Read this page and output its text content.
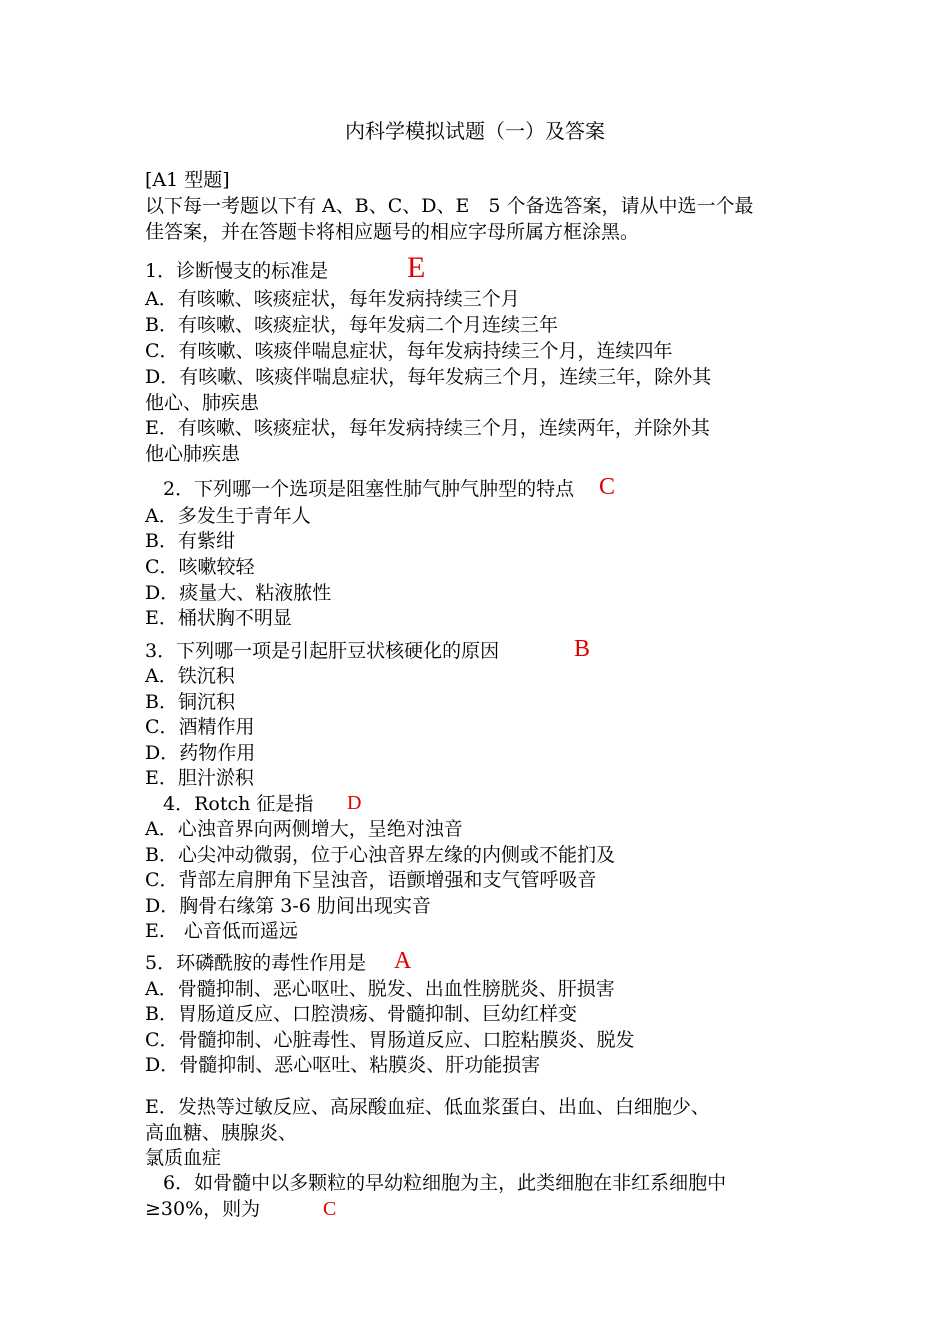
内科学模拟试题（一）及答案
[A1 型题]
以下每一考题以下有 A、B、C、D、E　5 个备选答案，请从中选一个最
佳答案，并在答题卡将相应题号的相应字母所属方框涂黑。
1．诊断慢支的标准是	E
A．有咳嗽、咳痰症状，每年发病持续三个月
B．有咳嗽、咳痰症状，每年发病二个月连续三年
C．有咳嗽、咳痰伴喘息症状，每年发病持续三个月，连续四年
D．有咳嗽、咳痰伴喘息症状，每年发病三个月，连续三年，除外其
他心、肺疾患
E．有咳嗽、咳痰症状，每年发病持续三个月，连续两年，并除外其
他心肺疾患
2．下列哪一个选项是阻塞性肺气肿气肿型的特点 C
A．多发生于青年人
B．有紫绀
C．咳嗽较轻
D．痰量大、粘液脓性
E．桶状胸不明显
3．下列哪一项是引起肝豆状核硬化的原因	B
A．铁沉积
B．铜沉积
C．酒精作用
D．药物作用
E．胆汁淤积
4．Rotch 征是指 D
A．心浊音界向两侧增大，呈绝对浊音
B．心尖冲动微弱，位于心浊音界左缘的内侧或不能扪及
C．背部左肩胛角下呈浊音，语颤增强和支气管呼吸音
D．胸骨右缘第 3-6 肋间出现实音
E.　心音低而遥远
5．环磷酰胺的毒性作用是 A
A．骨髓抑制、恶心呕吐、脱发、出血性膀胱炎、肝损害
B．胃肠道反应、口腔溃疡、骨髓抑制、巨幼红样变
C．骨髓抑制、心脏毒性、胃肠道反应、口腔粘膜炎、脱发
D．骨髓抑制、恶心呕吐、粘膜炎、肝功能损害
E．发热等过敏反应、高尿酸血症、低血浆蛋白、出血、白细胞少、
高血糖、胰腺炎、
氯质血症
6．如骨髓中以多颗粒的早幼粒细胞为主，此类细胞在非红系细胞中
≥30%，则为	C
